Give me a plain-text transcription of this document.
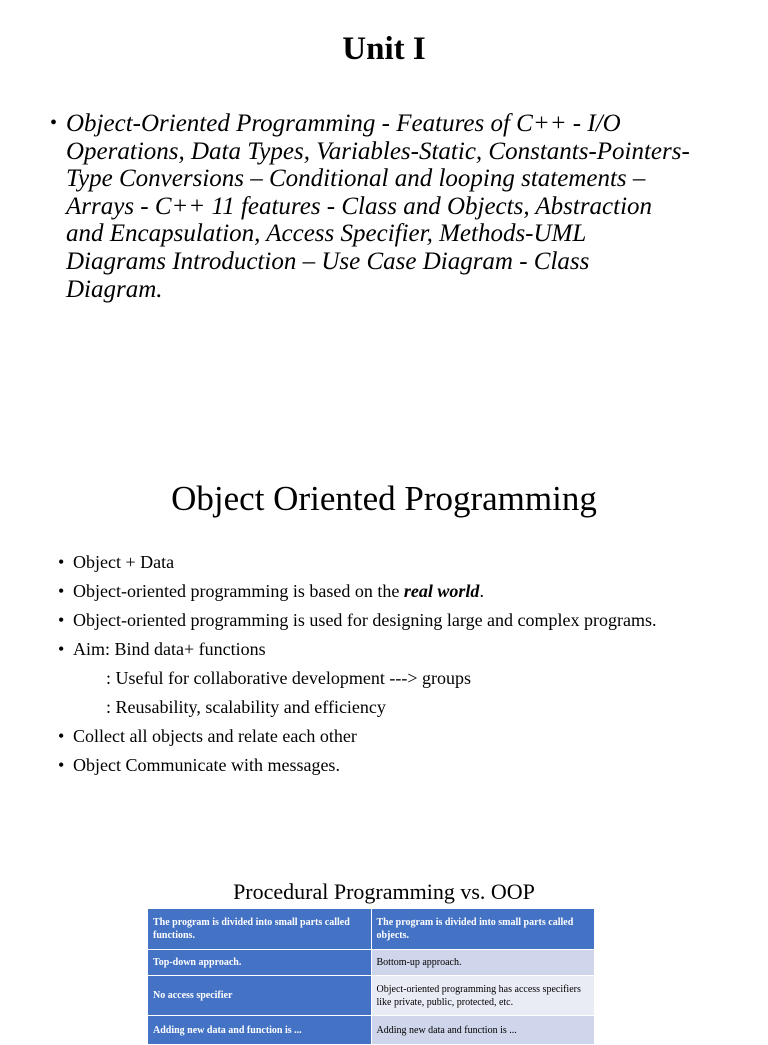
Unit I
• Object-Oriented Programming - Features of C++ - I/O Operations, Data Types, Variables-Static, Constants-Pointers-Type Conversions – Conditional and looping statements – Arrays - C++ 11 features - Class and Objects, Abstraction and Encapsulation, Access Specifier, Methods-UML Diagrams Introduction – Use Case Diagram - Class Diagram.
Object Oriented Programming
• Object + Data
• Object-oriented programming is based on the real world.
• Object-oriented programming is used for designing large and complex programs.
• Aim: Bind data+ functions
: Useful for collaborative development ---> groups
: Reusability, scalability and efficiency
• Collect all objects and relate each other
• Object Communicate with messages.
Procedural Programming vs. OOP
The program is divided into small parts called functions.	The program is divided into small parts called objects.
Top-down approach.	Bottom-up approach.
No access specifier	Object-oriented programming has access specifiers like private, public, protected, etc.
Adding new data and function is ...	Adding new data and function is ...
